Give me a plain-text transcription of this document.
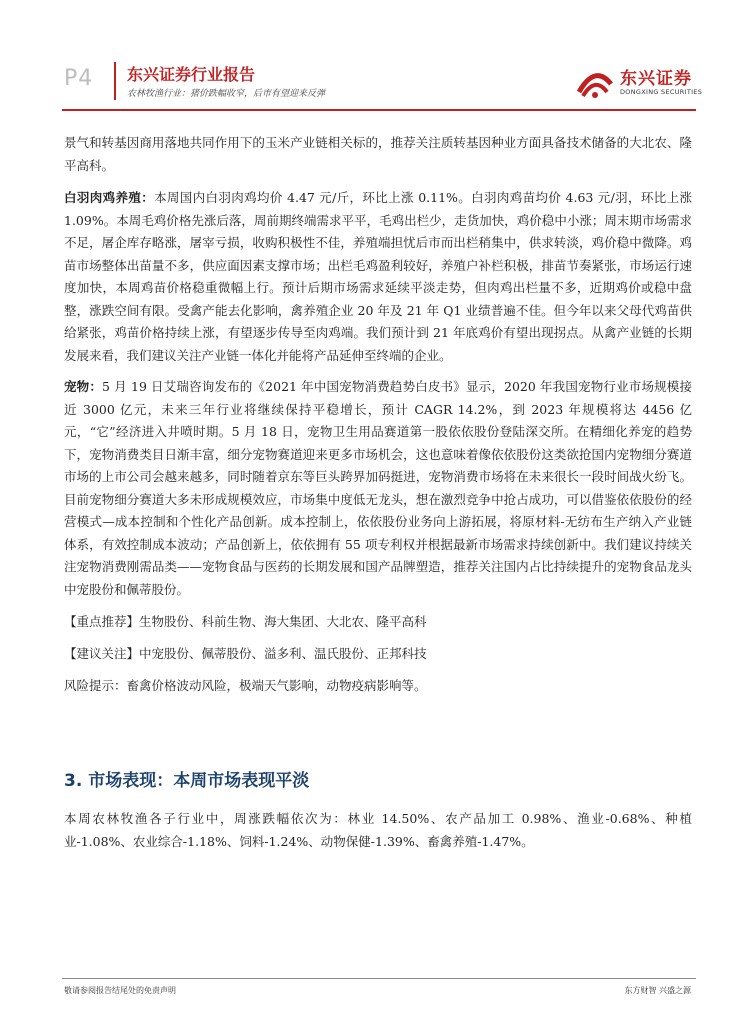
P4 东兴证券行业报告
农林牧渔行业：猪价跌幅收窄，后市有望迎来反弹
东兴证券
DONGXING SECURITIES

景气和转基因商用落地共同作用下的玉米产业链相关标的，推荐关注质转基因种业方面具备技术储备的大北农、隆平高科。

白羽肉鸡养殖：本周国内白羽肉鸡均价 4.47 元/斤，环比上涨 0.11%。白羽肉鸡苗均价 4.63 元/羽，环比上涨 1.09%。本周毛鸡价格先涨后落，周前期终端需求平平，毛鸡出栏少，走货加快，鸡价稳中小涨；周末期市场需求不足，屠企库存略涨，屠宰亏损，收购积极性不佳，养殖端担忧后市而出栏稍集中，供求转淡，鸡价稳中微降。鸡苗市场整体出苗量不多，供应面因素支撑市场；出栏毛鸡盈利较好，养殖户补栏积极，排苗节奏紧张，市场运行速度加快，本周鸡苗价格稳重微幅上行。预计后期市场需求延续平淡走势，但肉鸡出栏量不多，近期鸡价或稳中盘整，涨跌空间有限。受禽产能去化影响，禽养殖企业 20 年及 21 年 Q1 业绩普遍不佳。但今年以来父母代鸡苗供给紧张，鸡苗价格持续上涨，有望逐步传导至肉鸡端。我们预计到 21 年底鸡价有望出现拐点。从禽产业链的长期发展来看，我们建议关注产业链一体化并能将产品延伸至终端的企业。

宠物：5 月 19 日艾瑞咨询发布的《2021 年中国宠物消费趋势白皮书》显示，2020 年我国宠物行业市场规模接近 3000 亿元，未来三年行业将继续保持平稳增长，预计 CAGR 14.2%，到 2023 年规模将达 4456 亿元，“它”经济进入井喷时期。5 月 18 日，宠物卫生用品赛道第一股依依股份登陆深交所。在精细化养宠的趋势下，宠物消费类目日渐丰富，细分宠物赛道迎来更多市场机会，这也意味着像依依股份这类欲抢国内宠物细分赛道市场的上市公司会越来越多，同时随着京东等巨头跨界加码挺进，宠物消费市场将在未来很长一段时间战火纷飞。目前宠物细分赛道大多未形成规模效应，市场集中度低无龙头，想在激烈竞争中抢占成功，可以借鉴依依股份的经营模式—成本控制和个性化产品创新。成本控制上，依依股份业务向上游拓展，将原材料-无纺布生产纳入产业链体系，有效控制成本波动；产品创新上，依依拥有 55 项专利权并根据最新市场需求持续创新中。我们建议持续关注宠物消费刚需品类——宠物食品与医药的长期发展和国产品牌塑造，推荐关注国内占比持续提升的宠物食品龙头中宠股份和佩蒂股份。

【重点推荐】生物股份、科前生物、海大集团、大北农、隆平高科

【建议关注】中宠股份、佩蒂股份、溢多利、温氏股份、正邦科技

风险提示：畜禽价格波动风险，极端天气影响，动物疫病影响等。

3. 市场表现：本周市场表现平淡

本周农林牧渔各子行业中，周涨跌幅依次为：林业 14.50%、农产品加工 0.98%、渔业-0.68%、种植业-1.08%、农业综合-1.18%、饲料-1.24%、动物保健-1.39%、畜禽养殖-1.47%。

敬请参阅报告结尾处的免责声明	东方财智 兴盛之源
